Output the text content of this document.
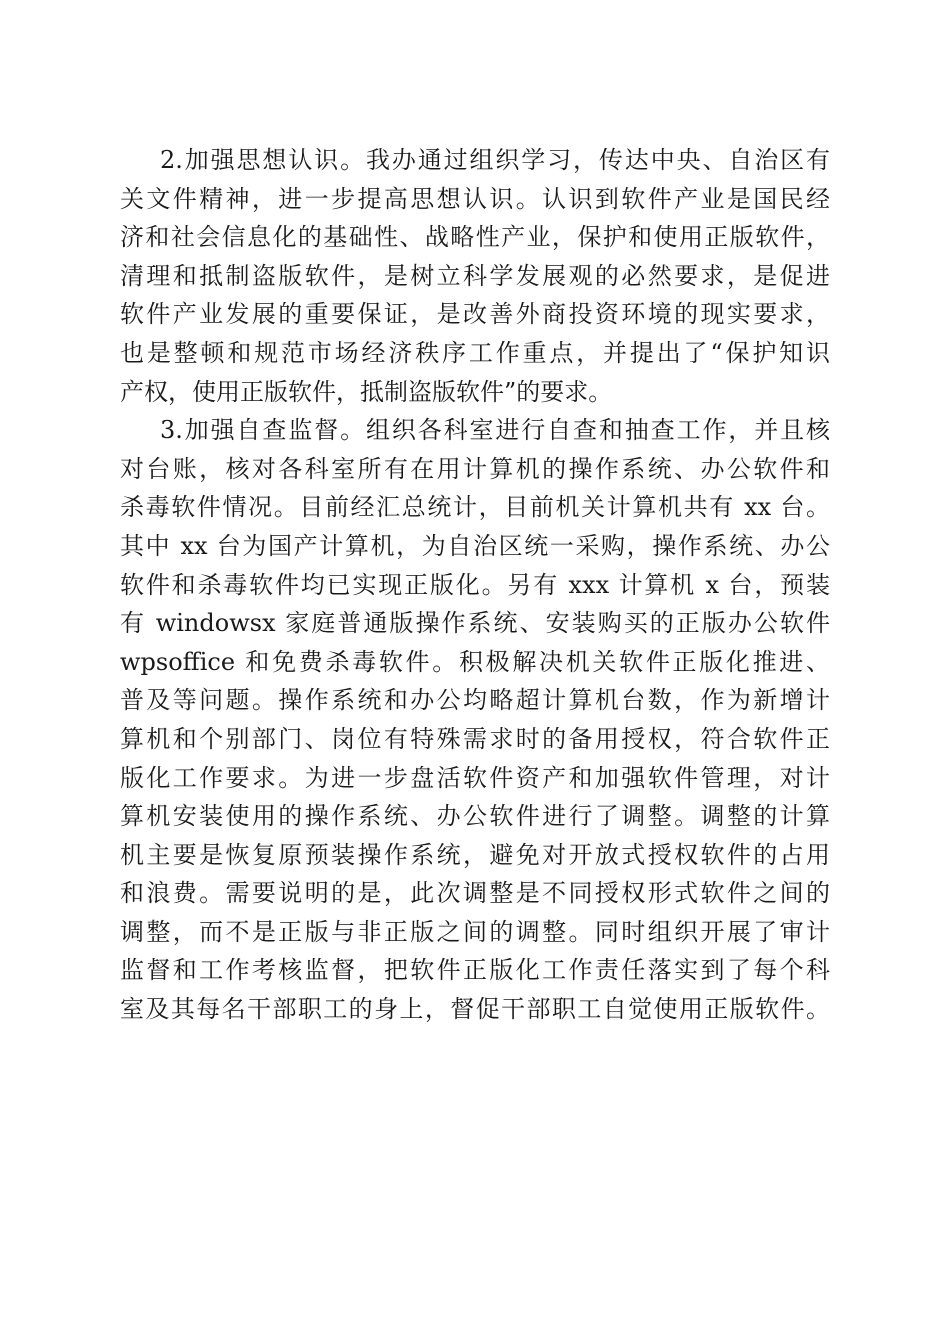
2.加强思想认识。我办通过组织学习，传达中央、自治区有
关文件精神，进一步提高思想认识。认识到软件产业是国民经
济和社会信息化的基础性、战略性产业，保护和使用正版软件，
清理和抵制盗版软件，是树立科学发展观的必然要求，是促进
软件产业发展的重要保证，是改善外商投资环境的现实要求，
也是整顿和规范市场经济秩序工作重点，并提出了“保护知识
产权，使用正版软件，抵制盗版软件”的要求。
3.加强自查监督。组织各科室进行自查和抽查工作，并且核
对台账，核对各科室所有在用计算机的操作系统、办公软件和
杀毒软件情况。目前经汇总统计，目前机关计算机共有 xx 台。
其中 xx 台为国产计算机，为自治区统一采购，操作系统、办公
软件和杀毒软件均已实现正版化。另有 xxx 计算机 x 台，预装
有 windowsx 家庭普通版操作系统、安装购买的正版办公软件
wpsoffice 和免费杀毒软件。积极解决机关软件正版化推进、
普及等问题。操作系统和办公均略超计算机台数，作为新增计
算机和个别部门、岗位有特殊需求时的备用授权，符合软件正
版化工作要求。为进一步盘活软件资产和加强软件管理，对计
算机安装使用的操作系统、办公软件进行了调整。调整的计算
机主要是恢复原预装操作系统，避免对开放式授权软件的占用
和浪费。需要说明的是，此次调整是不同授权形式软件之间的
调整，而不是正版与非正版之间的调整。同时组织开展了审计
监督和工作考核监督，把软件正版化工作责任落实到了每个科
室及其每名干部职工的身上，督促干部职工自觉使用正版软件。
